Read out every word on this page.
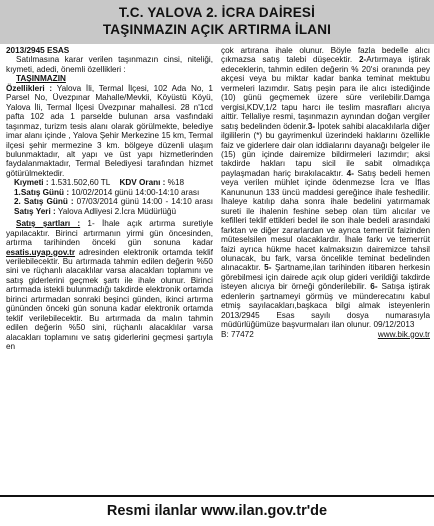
T.C. YALOVA 2. İCRA DAİRESİ
TAŞINMAZIN AÇIK ARTIRMA İLANI

2013/2945 ESAS

Satılmasına karar verilen taşınmazın cinsi, niteliği, kıymeti, adedi, önemli özellikleri :

TAŞINMAZIN

Özellikleri : Yalova İli, Termal İlçesi, 102 Ada No, 1 Parsel No, Üvezpınar Mahalle/Mevkii, Köyüstü Köyü, Yalova İli, Termal İlçesi Üvezpınar mahallesi. 28 n'1cd pafta 102 ada 1 parselde bulunan arsa vasfındaki taşınmaz, turizm tesis alanı olarak görülmekte, belediye imar alanı içinde , Yalova Şehir Merkezine 15 km, Termal ilçesi şehir mermezine 3 km. bölgeye düzenli ulaşım bulunmaktadır, alt yapı ve üst yapı hizmetlerinden faydalanmaktadır, Termal Belediyesi tarafından hizmet götürülmektedir.

Kıymeti : 1.531.502,60 TL KDV Oranı : %18

1.Satış Günü : 10/02/2014 günü 14:00-14:10 arası

2. Satış Günü : 07/03/2014 günü 14:00 - 14:10 arası Satış Yeri : Yalova Adliyesi 2.İcra Müdürlüğü

Satış şartları : 1- İhale açık artırma suretiyle yapılacaktır. Birinci artırmanın yirmi gün öncesinden, artırma tarihinden önceki gün sonuna kadar esatis.uyap.gov.tr adresinden elektronik ortamda teklif verilebilecektir. Bu artırmada tahmin edilen değerin %50 sini ve rüçhanlı alacaklılar varsa alacakları toplamını ve satış giderlerini geçmek şartı ile ihale olunur. Birinci artırmada istekli bulunmadığı takdirde elektronik ortamda birinci artırmadan sonraki beşinci günden, ikinci artırma gününden önceki gün sonuna kadar elektronik ortamda teklif verilebilecektir. Bu artırmada da malın tahmin edilen değerin %50 sini, rüçhanlı alacaklılar varsa alacakları toplamını ve satış giderlerini geçmesi şartıyla en

çok artırana ihale olunur. Böyle fazla bedelle alıcı çıkmazsa satış talebi düşecektir. 2-Artırmaya iştirak edeceklerin, tahmin edilen değerin % 20'si oranında pey akçesi veya bu miktar kadar banka teminat mektubu vermeleri lazımdır. Satış peşin para ile alıcı istediğinde (10) günü geçmemek üzere süre verilebilir.Damga vergisi,KDV,1/2 tapu harcı ile teslim masrafları alıcıya aittir. Tellaliye resmi, taşınmazın aynından doğan vergiler satış bedelinden ödenir.3- İpotek sahibi alacaklılarla diğer ilgililerin (*) bu gayrimenkul üzerindeki haklarını özellikle faiz ve giderlere dair olan iddialarını dayanağı belgeler ile (15) gün içinde dairemize bildirmeleri lazımdır; aksi takdirde hakları tapu sicil ile sabit olmadıkça paylaşmadan hariç bırakılacaktır. 4- Satış bedeli hemen veya verilen mühlet içinde ödenmezse İcra ve İflas Kanununun 133 üncü maddesi gereğince ihale feshedilir. İhaleye katılıp daha sonra ihale bedelini yatırmamak sureti ile ihalenin feshine sebep olan tüm alıcılar ve kefilleri teklif ettikleri bedel ile son ihale bedeli arasındaki farktan ve diğer zararlardan ve ayrıca temerrüt faizinden müteselsilen mesul olacaklardır. İhale farkı ve temerrüt faizi ayrıca hükme hacet kalmaksızın dairemizce tahsil olunacak, bu fark, varsa öncelikle teminat bedelinden alınacaktır. 5- Şartname,ilan tarihinden itibaren herkesin görebilmesi için dairede açık olup gideri verildiği takdirde isteyen alıcıya bir örneği gönderilebilir. 6- Satışa iştirak edenlerin şartnameyi görmüş ve münderecatını kabul etmiş sayılacakları,başkaca bilgi almak isteyenlerin 2013/2945 Esas sayılı dosya numarasıyla müdürlüğümüze başvurmaları ilan olunur. 09/12/2013

B: 77472	www.bik.gov.tr

Resmi ilanlar www.ilan.gov.tr'de
